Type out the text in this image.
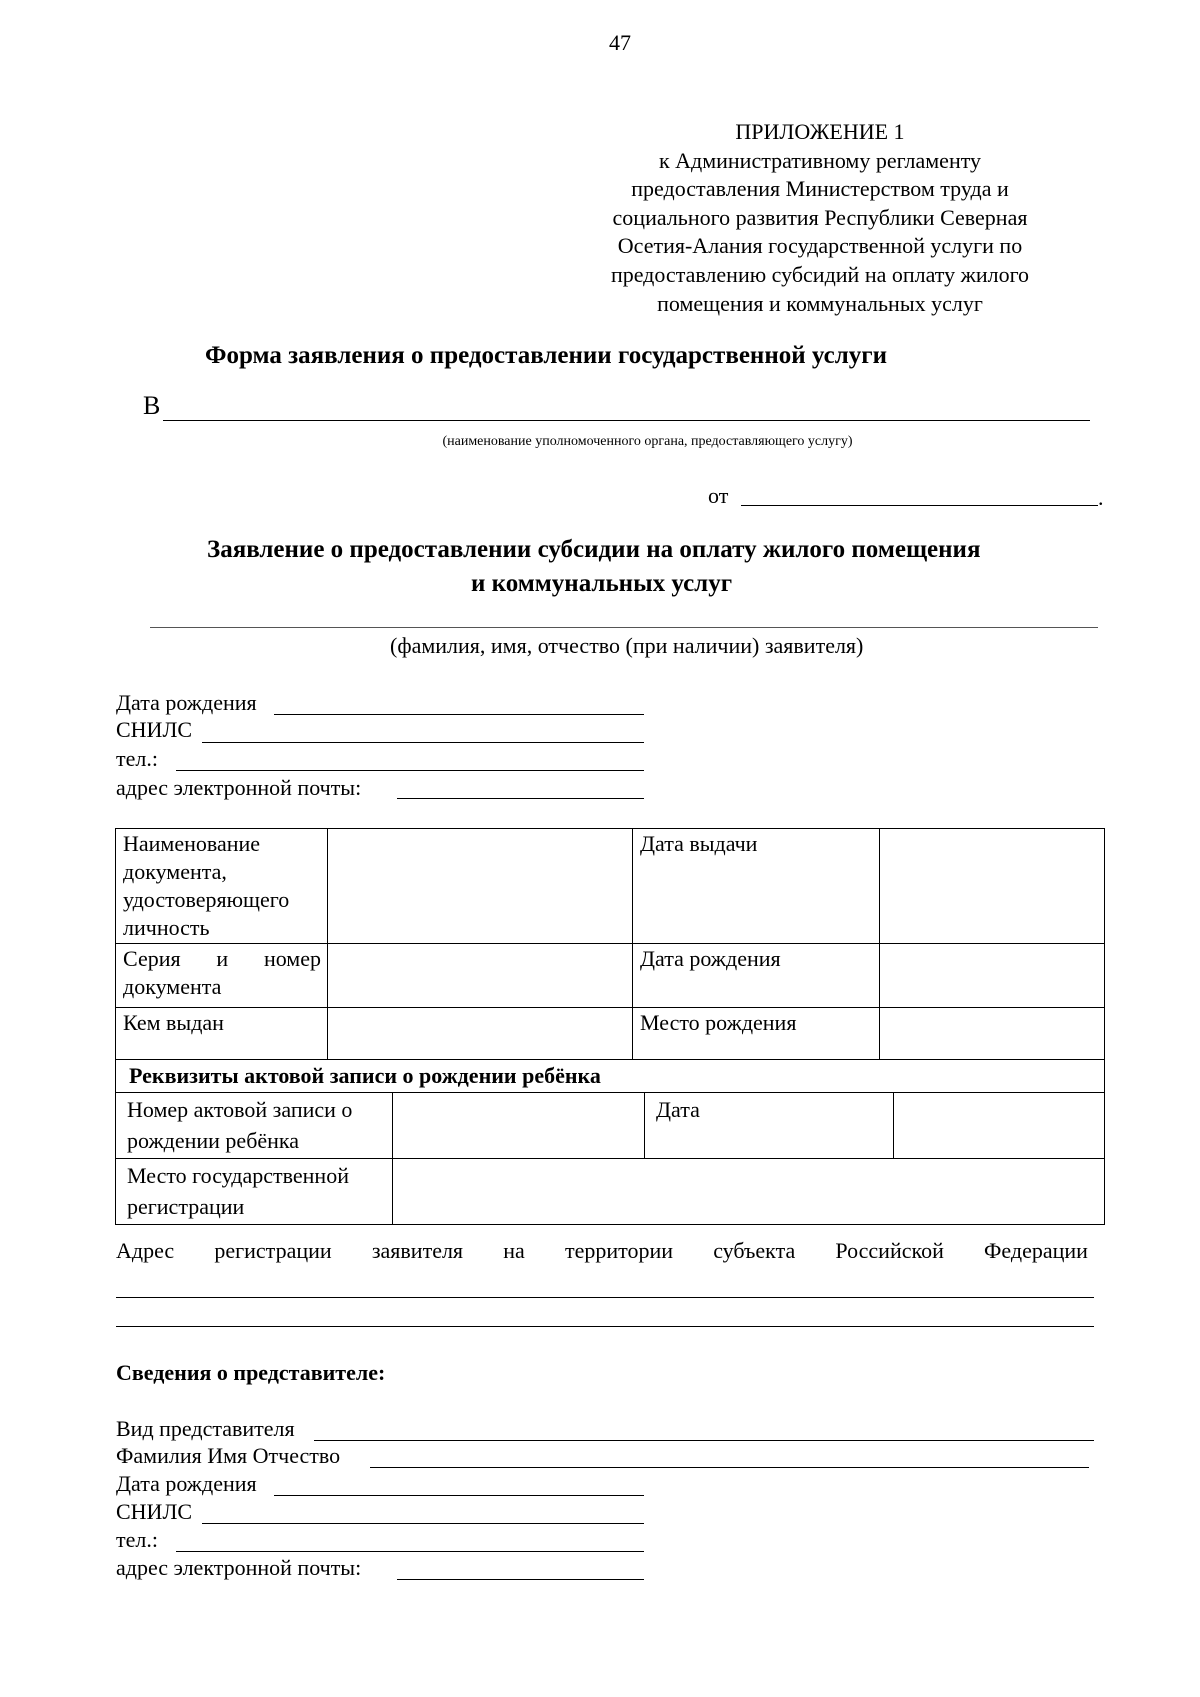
47
ПРИЛОЖЕНИЕ 1
к Административному регламенту
предоставления Министерством труда и
социального развития Республики Северная
Осетия-Алания государственной услуги по
предоставлению субсидий на оплату жилого
помещения и коммунальных услуг
Форма заявления о предоставлении государственной услуги
В
(наименование уполномоченного органа, предоставляющего услугу)
от	.
Заявление о предоставлении субсидии на оплату жилого помещения
и коммунальных услуг
(фамилия, имя, отчество (при наличии) заявителя)
Дата рождения
СНИЛС
тел.:
адрес электронной почты:
Наименование документа, удостоверяющего личность		Дата выдачи	
Серия и номер документа		Дата рождения	
Кем выдан		Место рождения	
Реквизиты актовой записи о рождении ребёнка			
Номер актовой записи о рождении ребёнка		Дата	
Место государственной регистрации			
Адрес регистрации заявителя на территории субъекта Российской Федерации
Сведения о представителе:
Вид представителя
Фамилия Имя Отчество
Дата рождения
СНИЛС
тел.:
адрес электронной почты:
